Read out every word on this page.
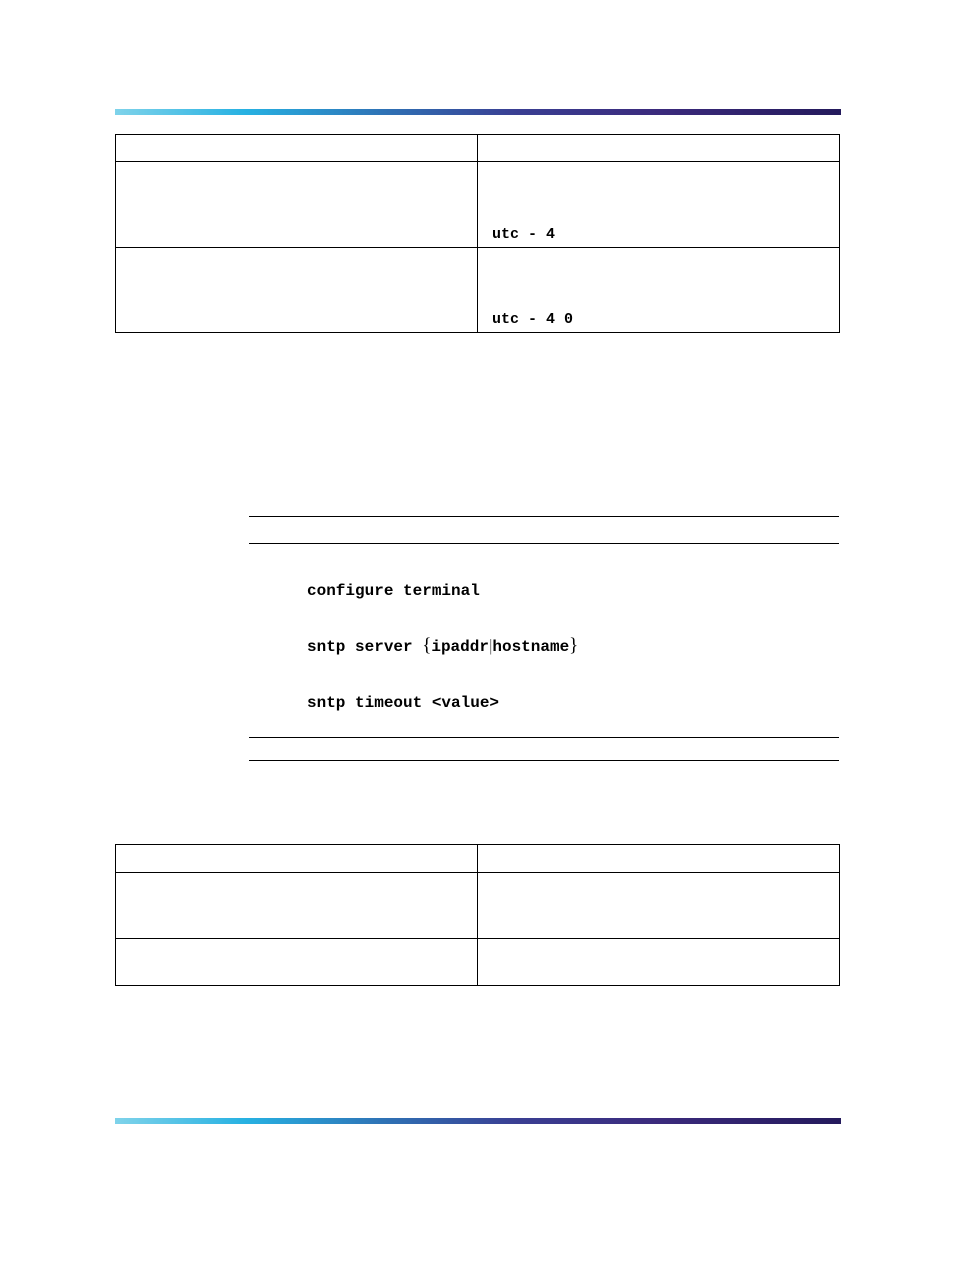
	utc - 4

	utc - 4 0
configure terminal
sntp server {ipaddr|hostname}
sntp timeout <value>
